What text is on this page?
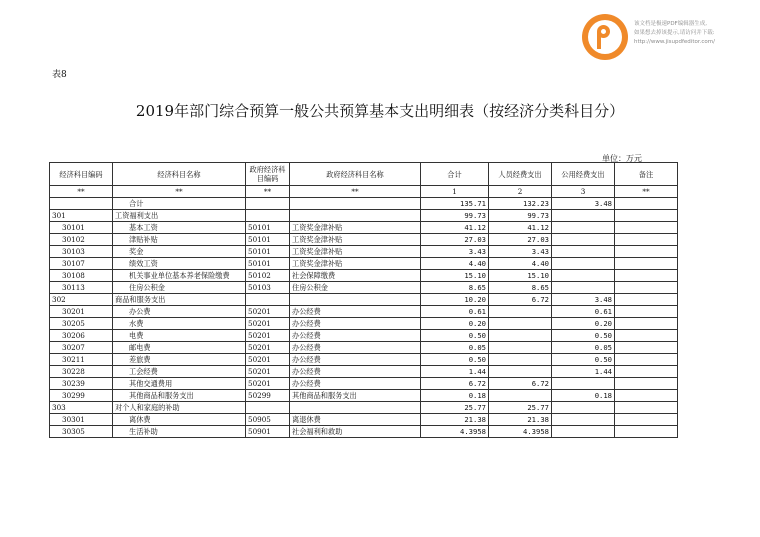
该文档是极速PDF编辑器生成,
如果想去掉该提示,请访问并下载:
http://www.jisupdfeditor.com/
表8
2019年部门综合预算一般公共预算基本支出明细表（按经济分类科目分）
单位：万元
经济科目编码	经济科目名称	政府经济科目编码	政府经济科目名称	合计	人员经费支出	公用经费支出	备注
**	**	**	**	1	2	3	**
	合计			135.71	132.23	3.48	
301	工资福利支出			99.73	99.73		
30101	基本工资	50101	工资奖金津补贴	41.12	41.12		
30102	津贴补贴	50101	工资奖金津补贴	27.03	27.03		
30103	奖金	50101	工资奖金津补贴	3.43	3.43		
30107	绩效工资	50101	工资奖金津补贴	4.40	4.40		
30108	机关事业单位基本养老保险缴费	50102	社会保障缴费	15.10	15.10		
30113	住房公积金	50103	住房公积金	8.65	8.65		
302	商品和服务支出			10.20	6.72	3.48	
30201	办公费	50201	办公经费	0.61		0.61	
30205	水费	50201	办公经费	0.20		0.20	
30206	电费	50201	办公经费	0.50		0.50	
30207	邮电费	50201	办公经费	0.05		0.05	
30211	差旅费	50201	办公经费	0.50		0.50	
30228	工会经费	50201	办公经费	1.44		1.44	
30239	其他交通费用	50201	办公经费	6.72	6.72		
30299	其他商品和服务支出	50299	其他商品和服务支出	0.18		0.18	
303	对个人和家庭的补助			25.77	25.77		
30301	离休费	50905	离退休费	21.38	21.38		
30305	生活补助	50901	社会福利和救助	4.3958	4.3958		
